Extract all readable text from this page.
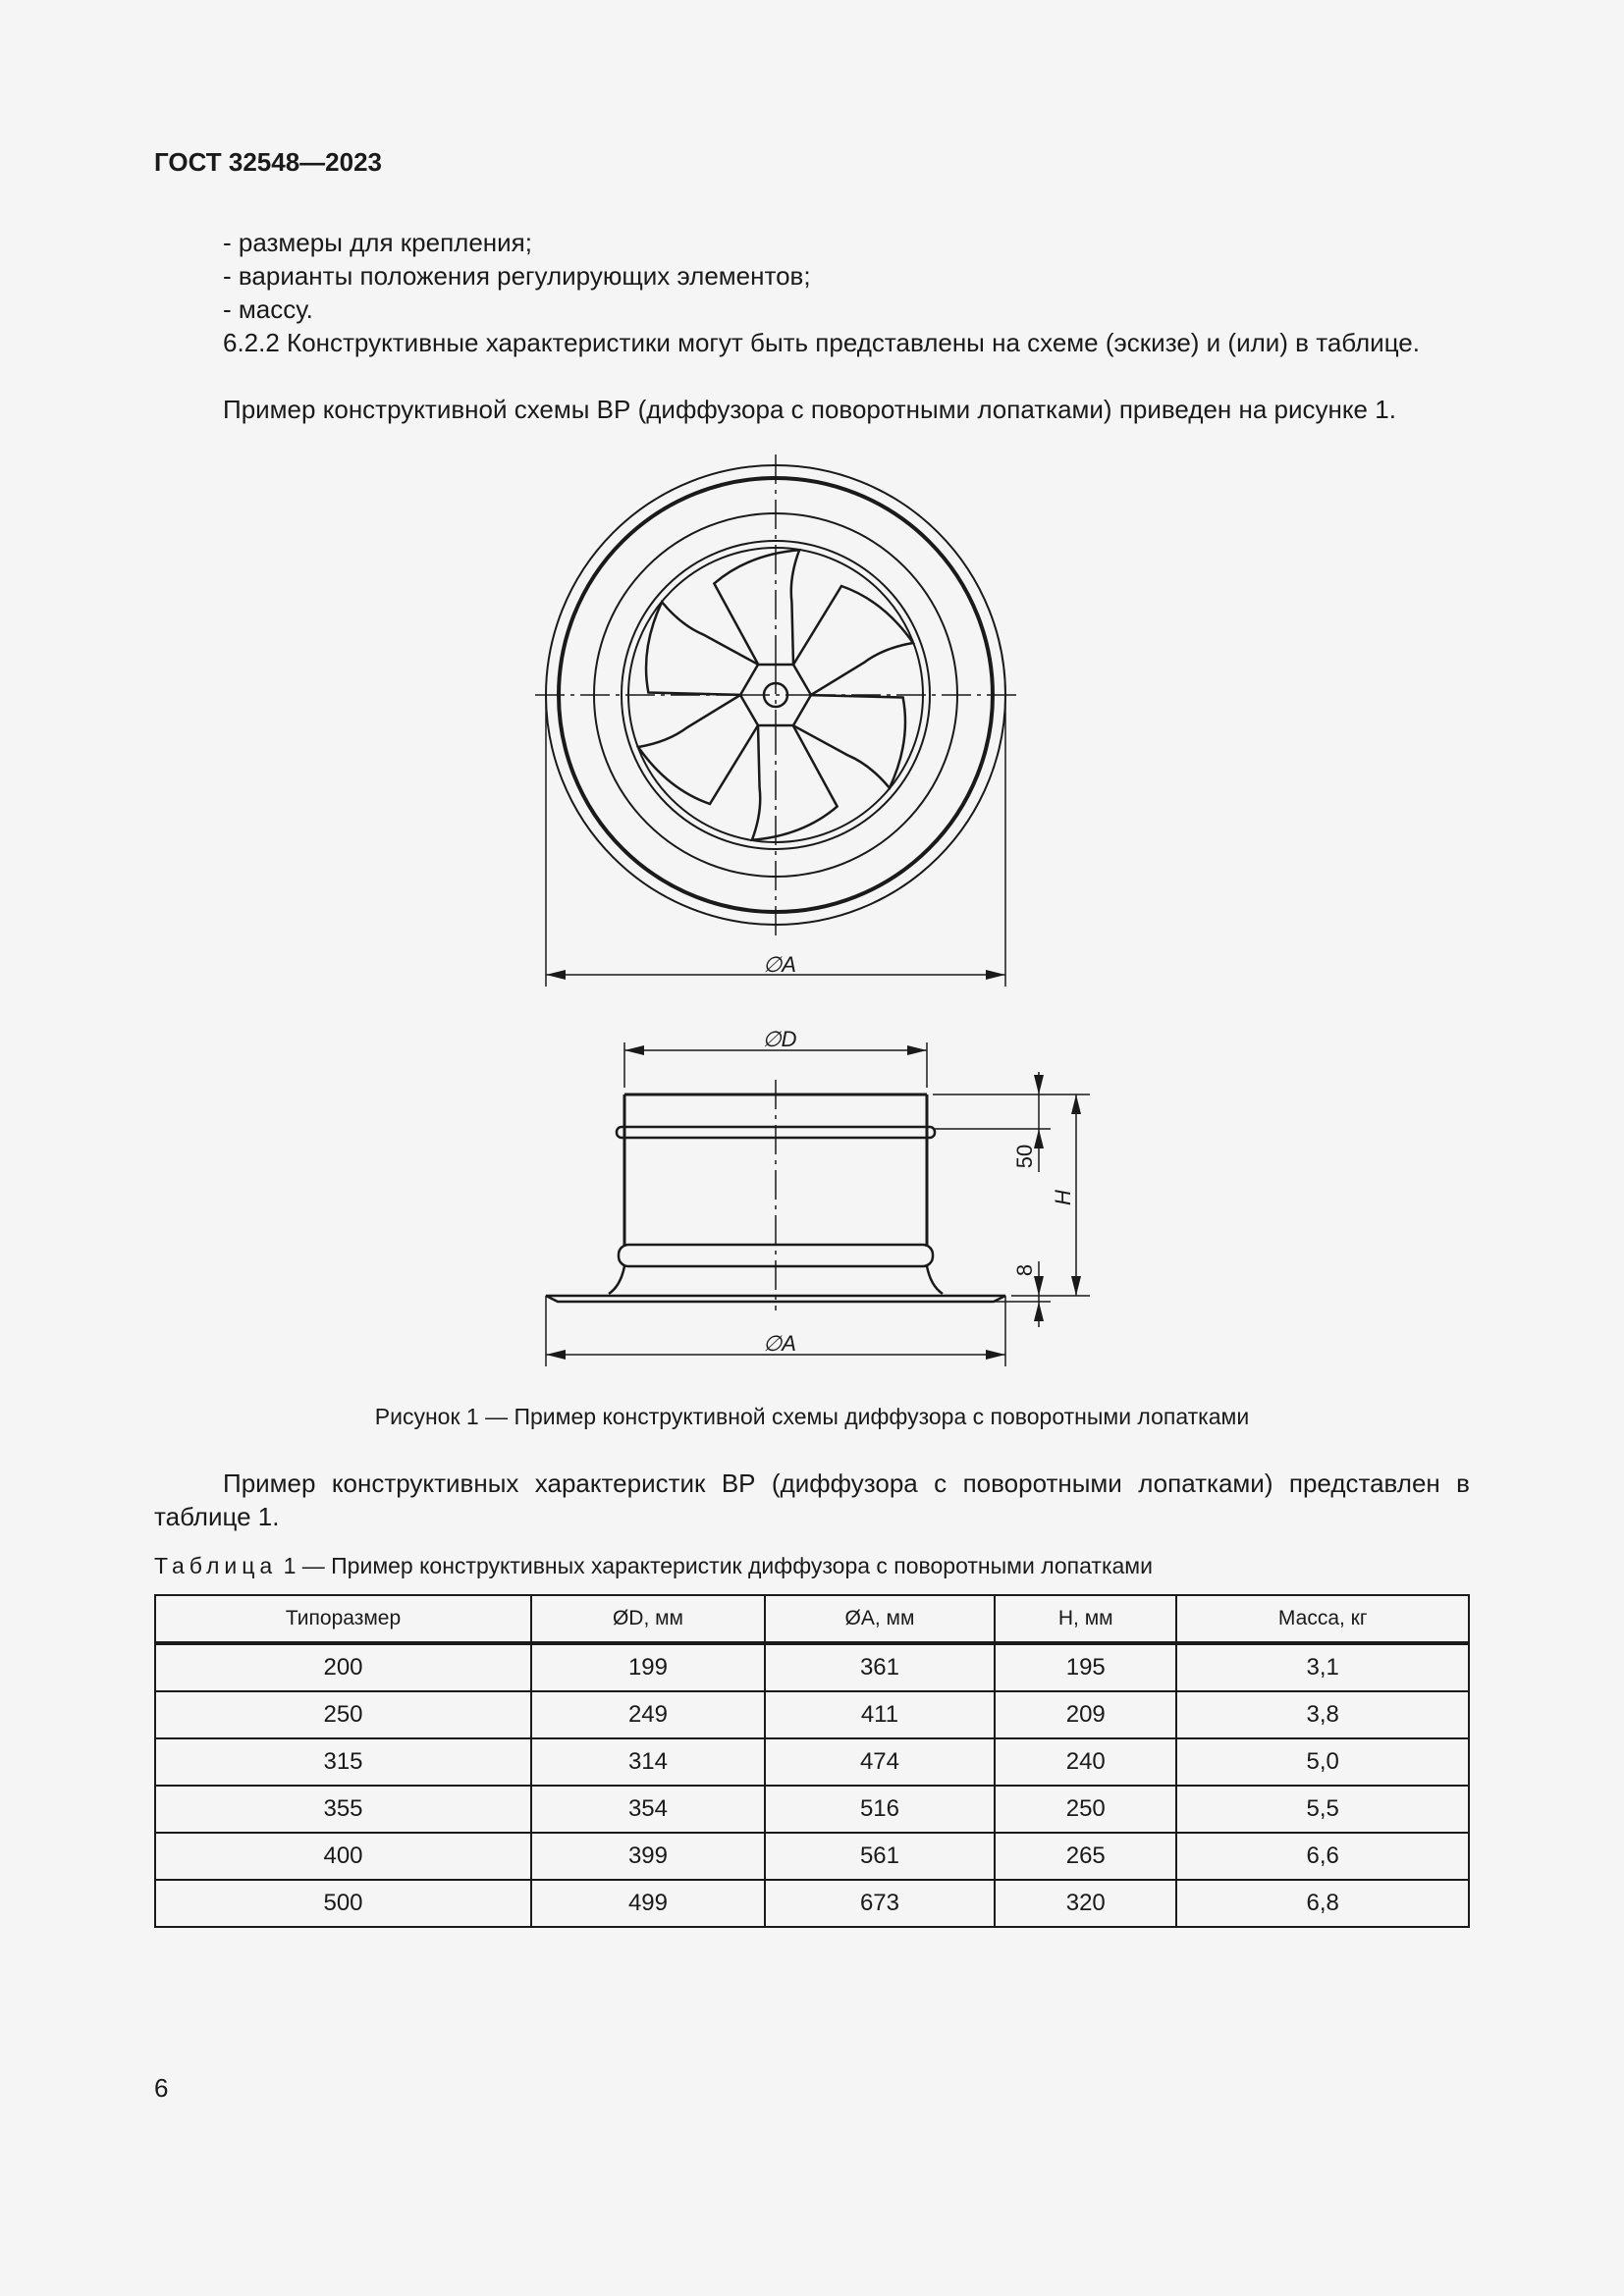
ГОСТ 32548—2023
- размеры для крепления;
- варианты положения регулирующих элементов;
- массу.
6.2.2 Конструктивные характеристики могут быть представлены на схеме (эскизе) и (или) в таблице.
Пример конструктивной схемы ВР (диффузора с поворотными лопатками) приведен на рисунке 1.
∅A
∅D
∅A
50
H
8
Рисунок 1 — Пример конструктивной схемы диффузора с поворотными лопатками
Пример конструктивных характеристик ВР (диффузора с поворотными лопатками) представлен в таблице 1.
Таблица 1 — Пример конструктивных характеристик диффузора с поворотными лопатками
Типоразмер	ØD, мм	ØA, мм	H, мм	Масса, кг
200	199	361	195	3,1
250	249	411	209	3,8
315	314	474	240	5,0
355	354	516	250	5,5
400	399	561	265	6,6
500	499	673	320	6,8
6
